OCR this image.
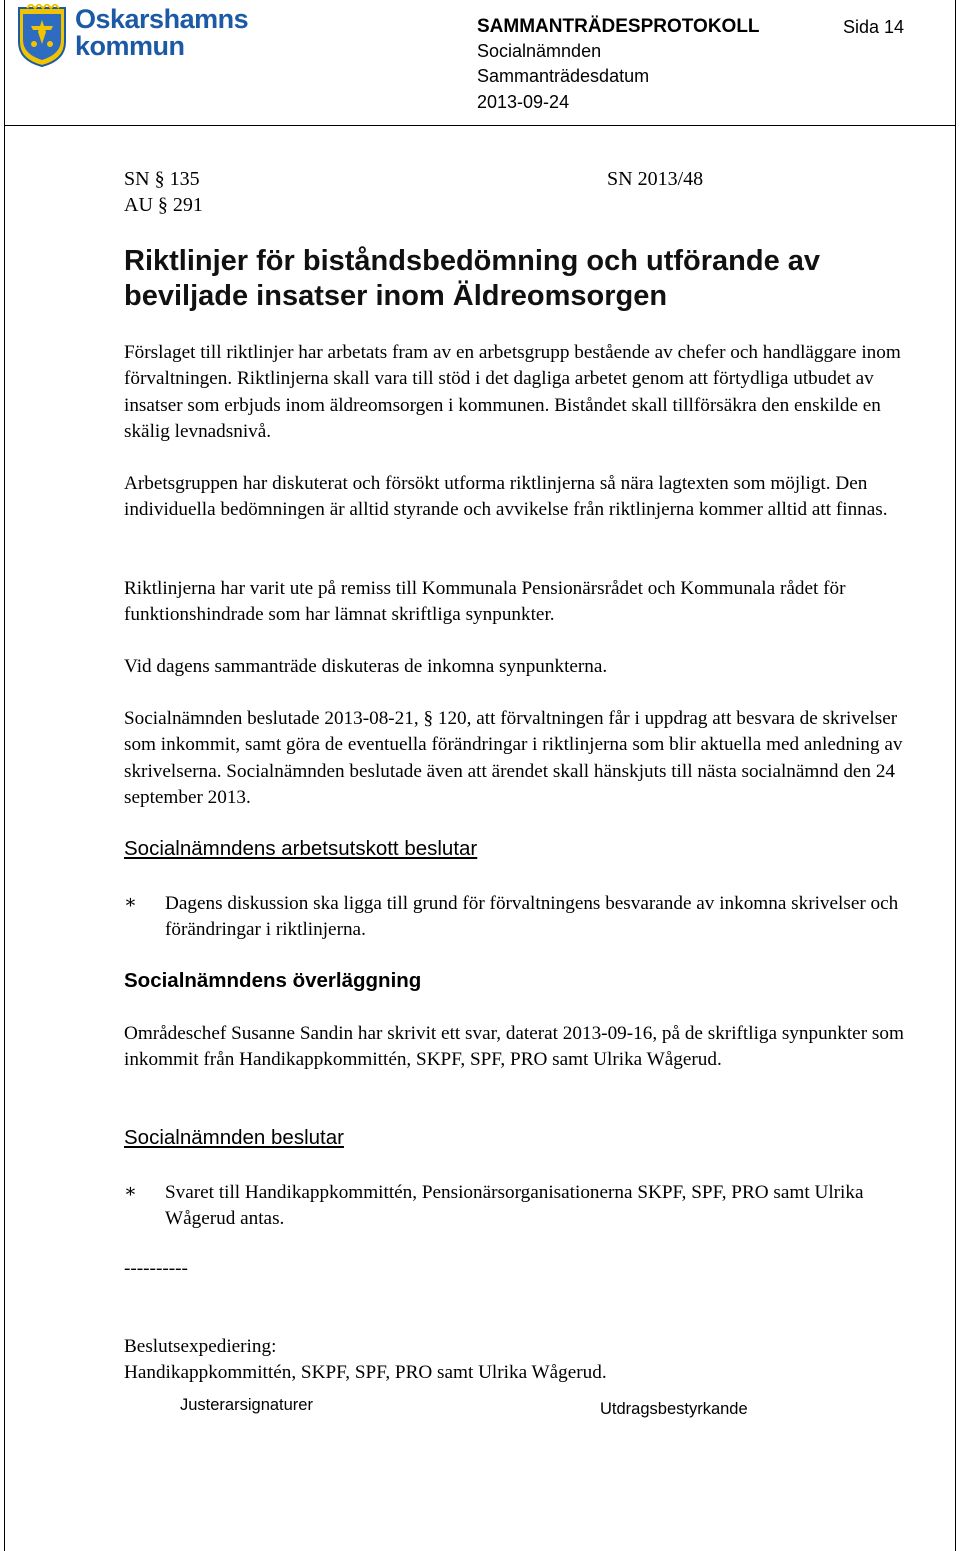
Oskarshamns
kommun
SAMMANTRÄDESPROTOKOLL	Sida 14
Socialnämnden
Sammanträdesdatum
2013-09-24
SN § 135
AU § 291
SN 2013/48
Riktlinjer för biståndsbedömning och utförande av beviljade insatser inom Äldreomsorgen

Förslaget till riktlinjer har arbetats fram av en arbetsgrupp bestående av chefer och handläggare inom förvaltningen. Riktlinjerna skall vara till stöd i det dagliga arbetet genom att förtydliga utbudet av insatser som erbjuds inom äldreomsorgen i kommunen. Biståndet skall tillförsäkra den enskilde en skälig levnadsnivå.

Arbetsgruppen har diskuterat och försökt utforma riktlinjerna så nära lagtexten som möjligt. Den individuella bedömningen är alltid styrande och avvikelse från riktlinjerna kommer alltid att finnas.

Riktlinjerna har varit ute på remiss till Kommunala Pensionärsrådet och Kommunala rådet för funktionshindrade som har lämnat skriftliga synpunkter.

Vid dagens sammanträde diskuteras de inkomna synpunkterna.

Socialnämnden beslutade 2013-08-21, § 120, att förvaltningen får i uppdrag att besvara de skrivelser som inkommit, samt göra de eventuella förändringar i riktlinjerna som blir aktuella med anledning av skrivelserna. Socialnämnden beslutade även att ärendet skall hänskjuts till nästa socialnämnd den 24 september 2013.

Socialnämndens arbetsutskott beslutar
∗ Dagens diskussion ska ligga till grund för förvaltningens besvarande av inkomna skrivelser och förändringar i riktlinjerna.

Socialnämndens överläggning

Områdeschef Susanne Sandin har skrivit ett svar, daterat 2013-09-16, på de skriftliga synpunkter som inkommit från Handikappkommittén, SKPF, SPF, PRO samt Ulrika Wågerud.

Socialnämnden beslutar
∗ Svaret till Handikappkommittén, Pensionärsorganisationerna SKPF, SPF, PRO samt Ulrika Wågerud antas.

----------
Beslutsexpediering:
Handikappkommittén, SKPF, SPF, PRO samt Ulrika Wågerud.
Justerarsignaturer	Utdragsbestyrkande
